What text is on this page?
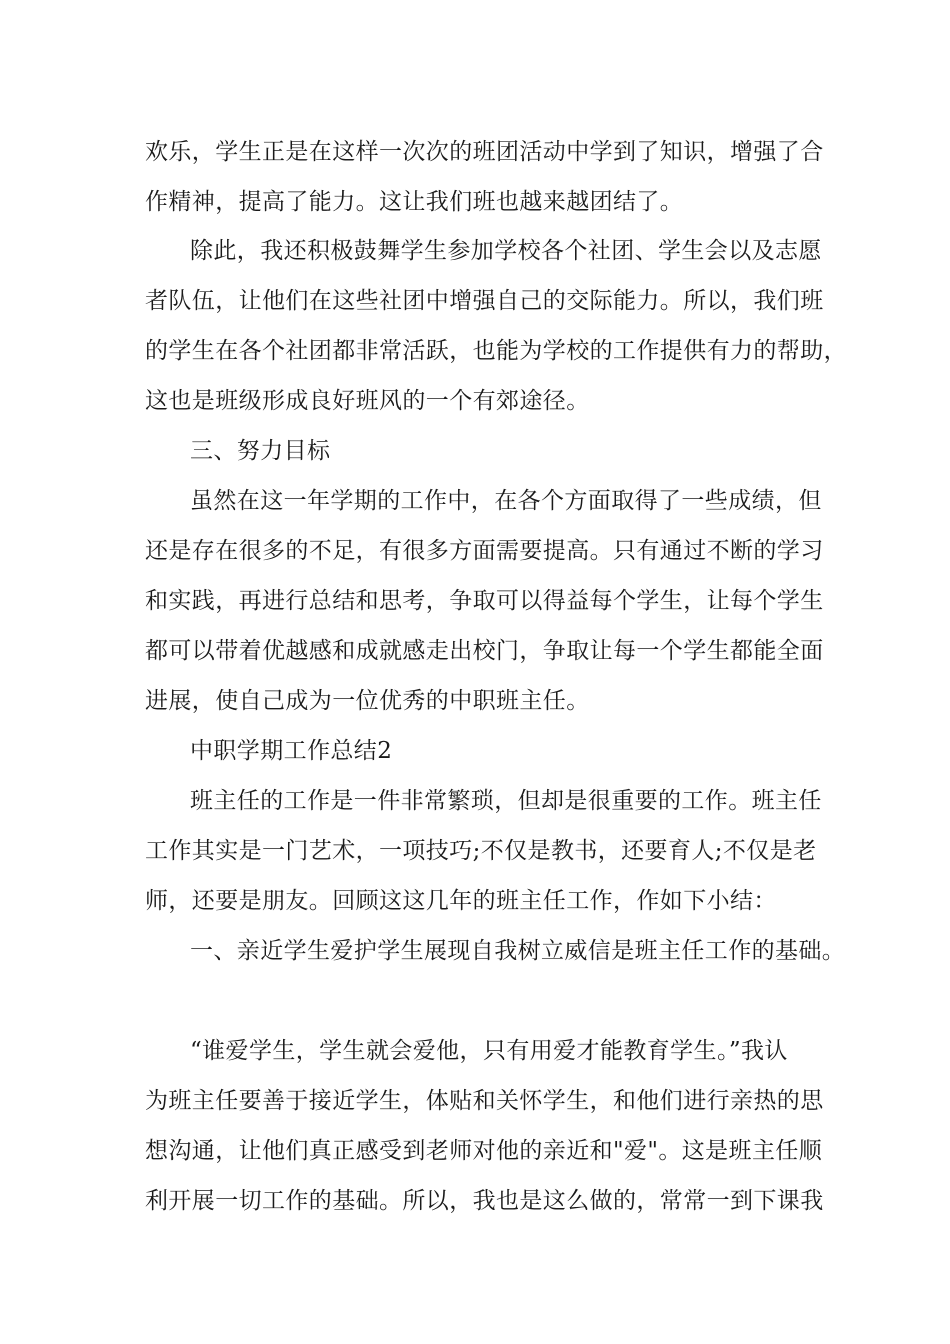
欢乐，学生正是在这样一次次的班团活动中学到了知识，增强了合
作精神，提高了能力。这让我们班也越来越团结了。
除此，我还积极鼓舞学生参加学校各个社团、学生会以及志愿
者队伍，让他们在这些社团中增强自己的交际能力。所以，我们班
的学生在各个社团都非常活跃，也能为学校的工作提供有力的帮助，
这也是班级形成良好班风的一个有郊途径。
三、努力目标
虽然在这一年学期的工作中，在各个方面取得了一些成绩，但
还是存在很多的不足，有很多方面需要提高。只有通过不断的学习
和实践，再进行总结和思考，争取可以得益每个学生，让每个学生
都可以带着优越感和成就感走出校门，争取让每一个学生都能全面
进展，使自己成为一位优秀的中职班主任。
中职学期工作总结2
班主任的工作是一件非常繁琐，但却是很重要的工作。班主任
工作其实是一门艺术，一项技巧;不仅是教书，还要育人;不仅是老
师，还要是朋友。回顾这这几年的班主任工作，作如下小结：
一、亲近学生爱护学生展现自我树立威信是班主任工作的基础。
“谁爱学生，学生就会爱他，只有用爱才能教育学生。”我认
为班主任要善于接近学生，体贴和关怀学生，和他们进行亲热的思
想沟通，让他们真正感受到老师对他的亲近和"爱"。这是班主任顺
利开展一切工作的基础。所以，我也是这么做的，常常一到下课我
